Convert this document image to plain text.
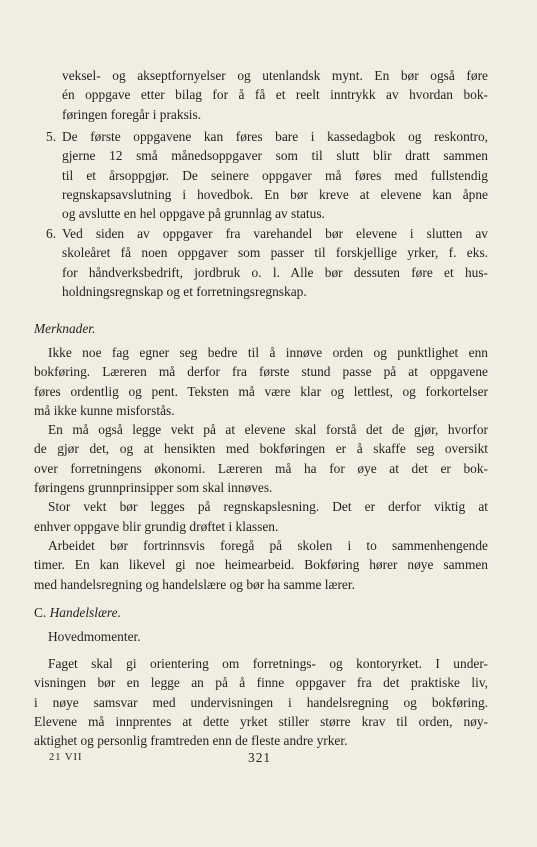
veksel- og akseptfornyelser og utenlandsk mynt. En bør også føre
én oppgave etter bilag for å få et reelt inntrykk av hvordan bok-
føringen foregår i praksis.
5. De første oppgavene kan føres bare i kassedagbok og reskontro,
gjerne 12 små månedsoppgaver som til slutt blir dratt sammen
til et årsoppgjør. De seinere oppgaver må føres med fullstendig
regnskapsavslutning i hovedbok. En bør kreve at elevene kan åpne
og avslutte en hel oppgave på grunnlag av status.
6. Ved siden av oppgaver fra varehandel bør elevene i slutten av
skoleåret få noen oppgaver som passer til forskjellige yrker, f. eks.
for håndverksbedrift, jordbruk o. l. Alle bør dessuten føre et hus-
holdningsregnskap og et forretningsregnskap.
Merknader.
Ikke noe fag egner seg bedre til å innøve orden og punktlighet enn
bokføring. Læreren må derfor fra første stund passe på at oppgavene
føres ordentlig og pent. Teksten må være klar og lettlest, og forkortelser
må ikke kunne misforstås.
En må også legge vekt på at elevene skal forstå det de gjør, hvorfor
de gjør det, og at hensikten med bokføringen er å skaffe seg oversikt
over forretningens økonomi. Læreren må ha for øye at det er bok-
føringens grunnprinsipper som skal innøves.
Stor vekt bør legges på regnskapslesning. Det er derfor viktig at
enhver oppgave blir grundig drøftet i klassen.
Arbeidet bør fortrinnsvis foregå på skolen i to sammenhengende
timer. En kan likevel gi noe heimearbeid. Bokføring hører nøye sammen
med handelsregning og handelslære og bør ha samme lærer.
C. Handelslære.
Hovedmomenter.
Faget skal gi orientering om forretnings- og kontoryrket. I under-
visningen bør en legge an på å finne oppgaver fra det praktiske liv,
i nøye samsvar med undervisningen i handelsregning og bokføring.
Elevene må innprentes at dette yrket stiller større krav til orden, nøy-
aktighet og personlig framtreden enn de fleste andre yrker.
21 VII	321
